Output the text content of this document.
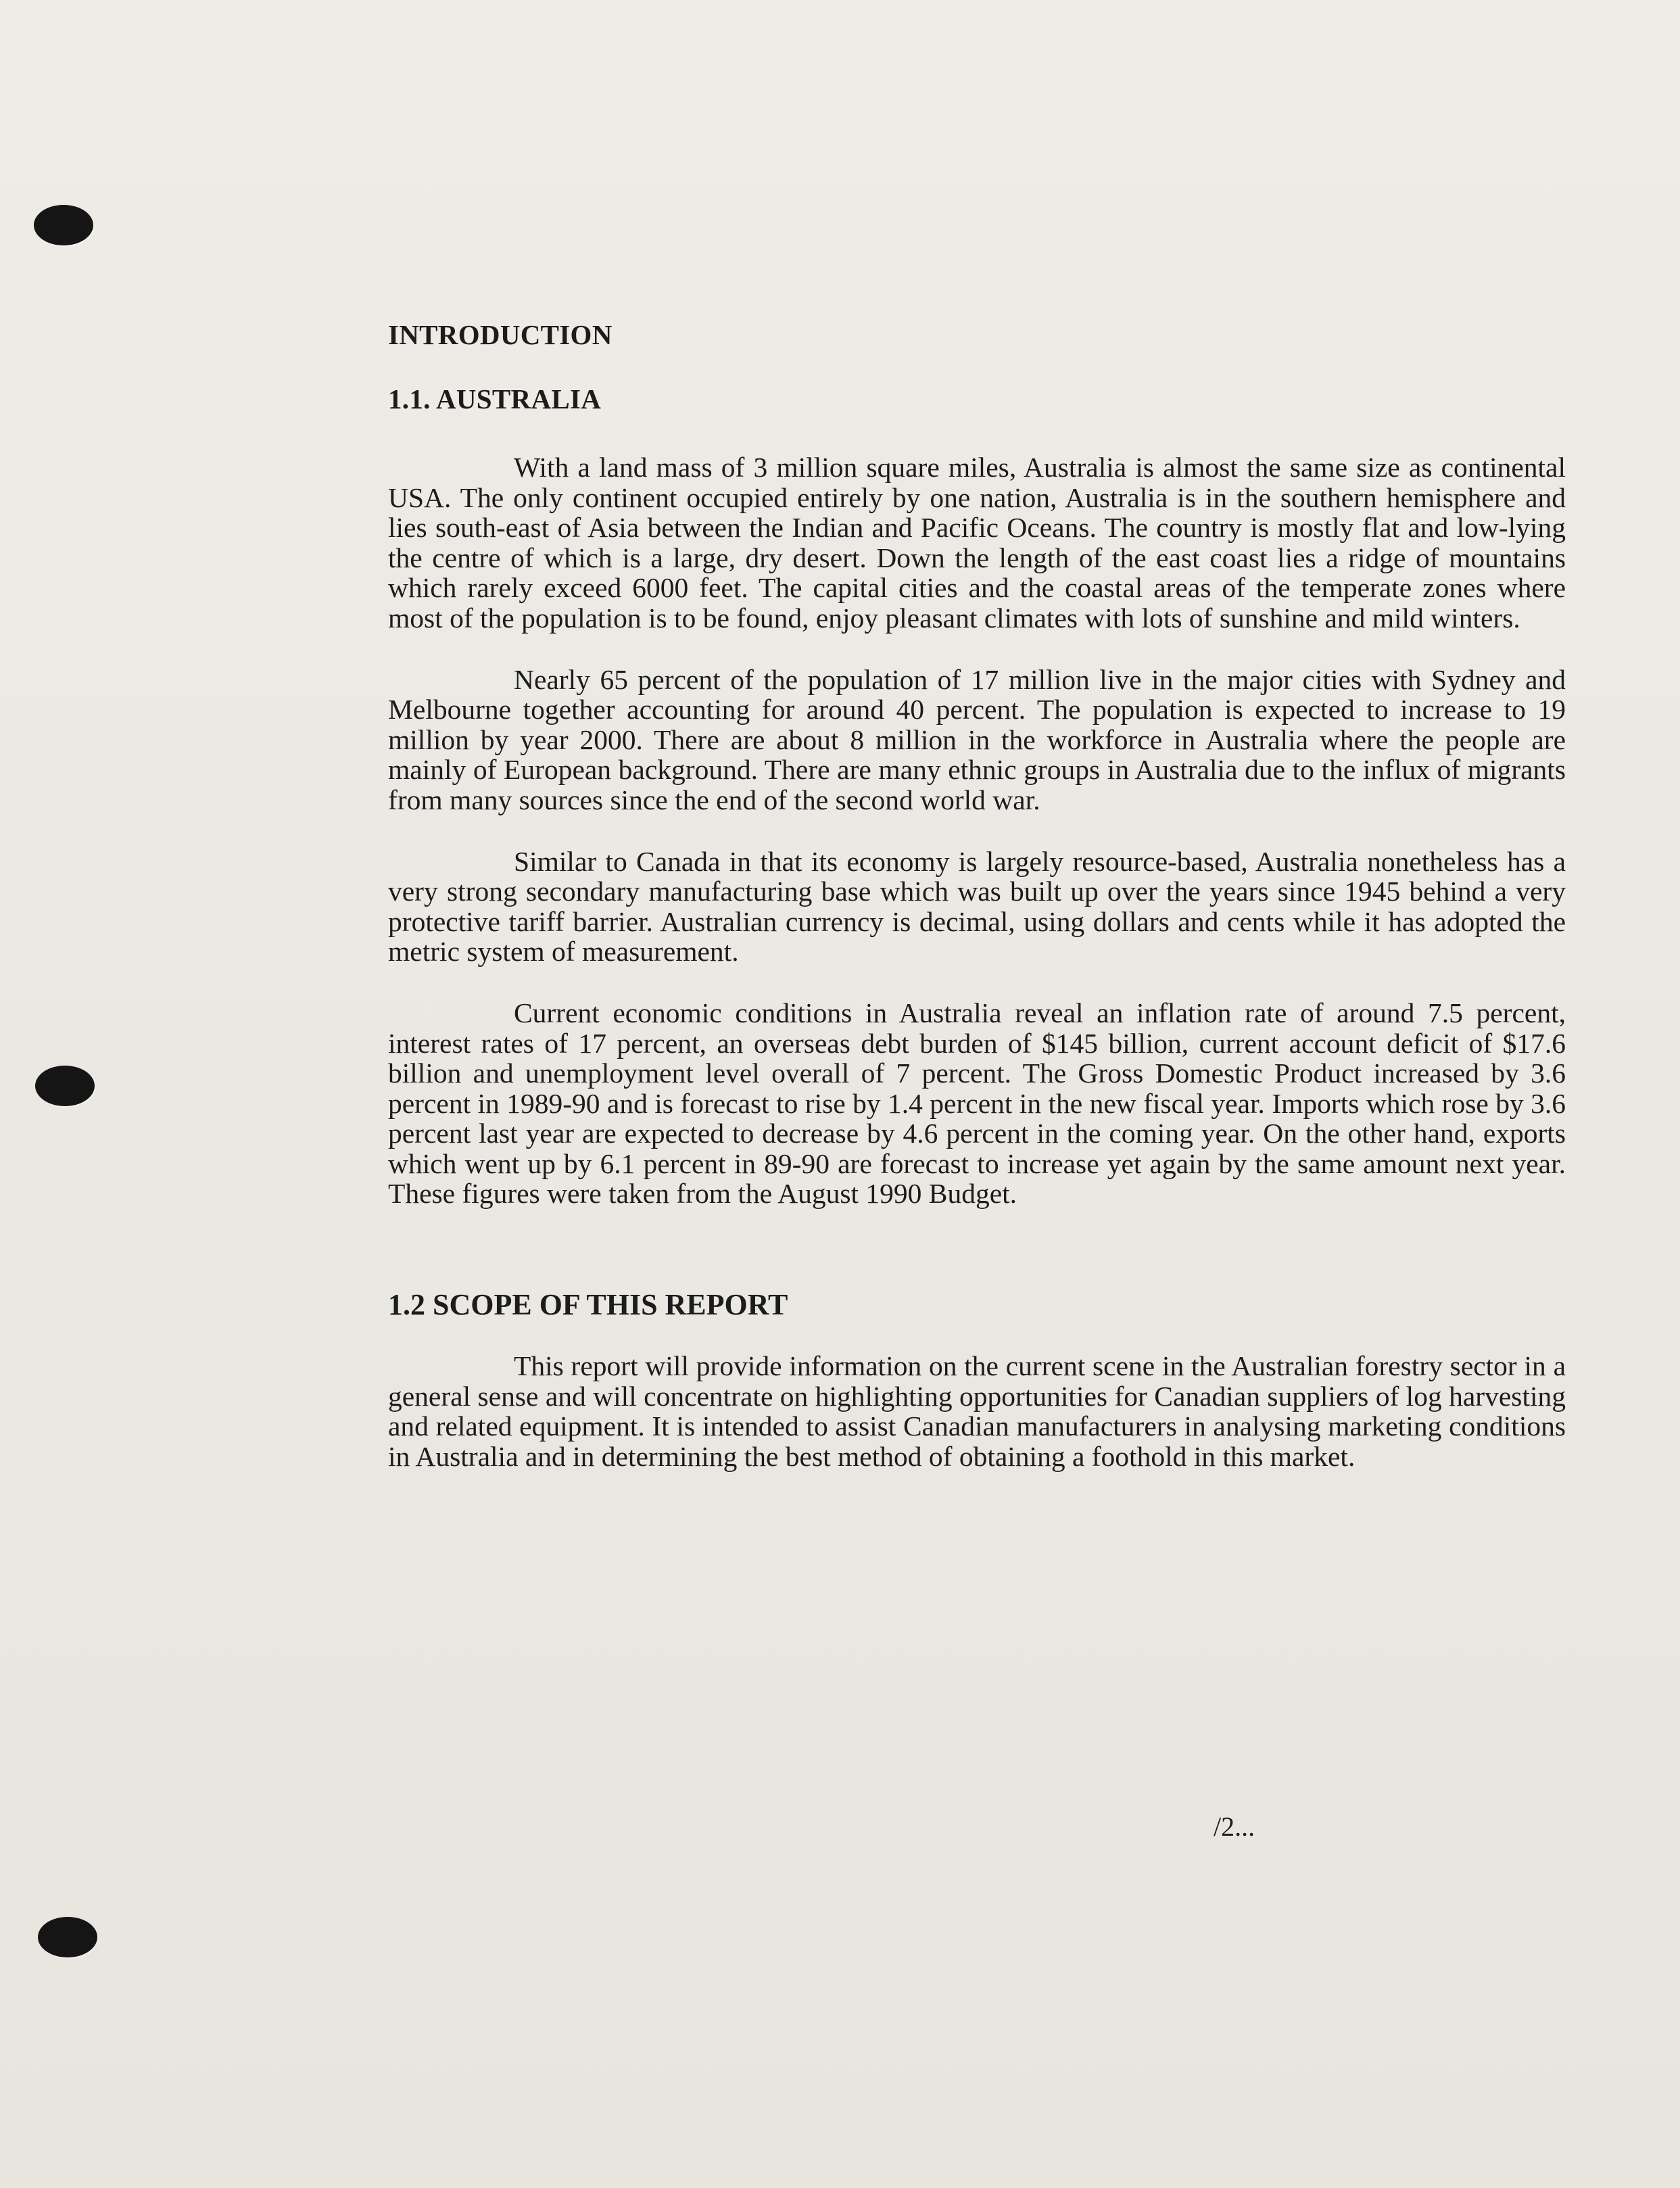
INTRODUCTION
1.1. AUSTRALIA

With a land mass of 3 million square miles, Australia is almost the same size as continental USA. The only continent occupied entirely by one nation, Australia is in the southern hemisphere and lies south-east of Asia between the Indian and Pacific Oceans. The country is mostly flat and low-lying the centre of which is a large, dry desert. Down the length of the east coast lies a ridge of mountains which rarely exceed 6000 feet. The capital cities and the coastal areas of the temperate zones where most of the population is to be found, enjoy pleasant climates with lots of sunshine and mild winters.

Nearly 65 percent of the population of 17 million live in the major cities with Sydney and Melbourne together accounting for around 40 percent. The population is expected to increase to 19 million by year 2000. There are about 8 million in the workforce in Australia where the people are mainly of European background. There are many ethnic groups in Australia due to the influx of migrants from many sources since the end of the second world war.

Similar to Canada in that its economy is largely resource-based, Australia nonetheless has a very strong secondary manufacturing base which was built up over the years since 1945 behind a very protective tariff barrier. Australian currency is decimal, using dollars and cents while it has adopted the metric system of measurement.

Current economic conditions in Australia reveal an inflation rate of around 7.5 percent, interest rates of 17 percent, an overseas debt burden of $145 billion, current account deficit of $17.6 billion and unemployment level overall of 7 percent. The Gross Domestic Product increased by 3.6 percent in 1989-90 and is forecast to rise by 1.4 percent in the new fiscal year. Imports which rose by 3.6 percent last year are expected to decrease by 4.6 percent in the coming year. On the other hand, exports which went up by 6.1 percent in 89-90 are forecast to increase yet again by the same amount next year. These figures were taken from the August 1990 Budget.

1.2 SCOPE OF THIS REPORT

This report will provide information on the current scene in the Australian forestry sector in a general sense and will concentrate on highlighting opportunities for Canadian suppliers of log harvesting and related equipment. It is intended to assist Canadian manufacturers in analysing marketing conditions in Australia and in determining the best method of obtaining a foothold in this market.

/2...
